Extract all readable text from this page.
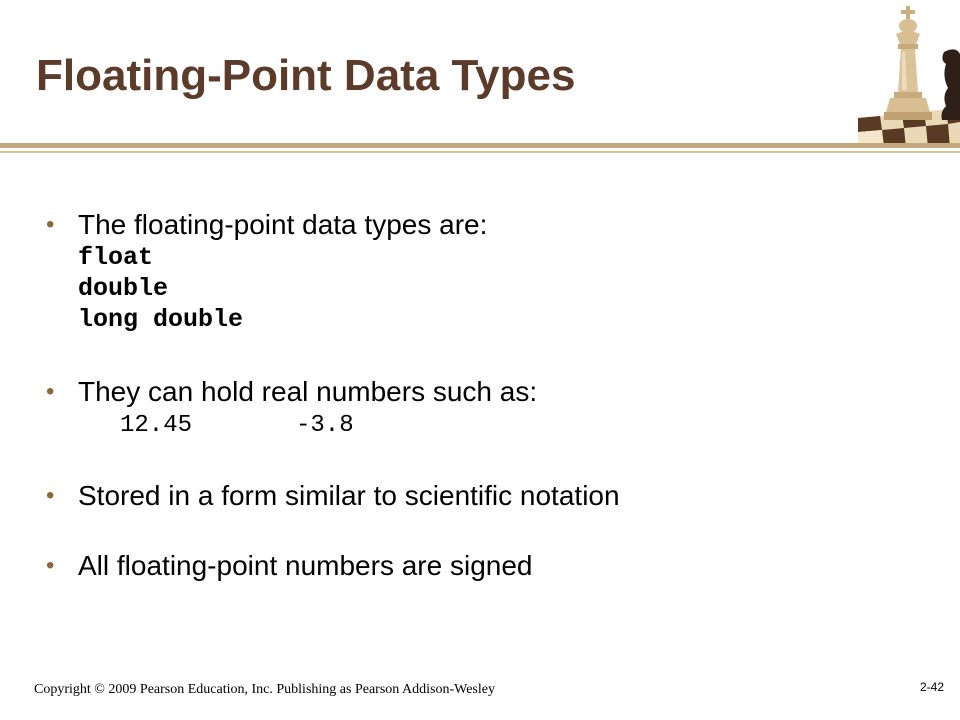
Floating-Point Data Types
• The floating-point data types are:
float
double
long double
• They can hold real numbers such as:
12.45	-3.8
• Stored in a form similar to scientific notation
• All floating-point numbers are signed
Copyright © 2009 Pearson Education, Inc. Publishing as Pearson Addison-Wesley	2-42
